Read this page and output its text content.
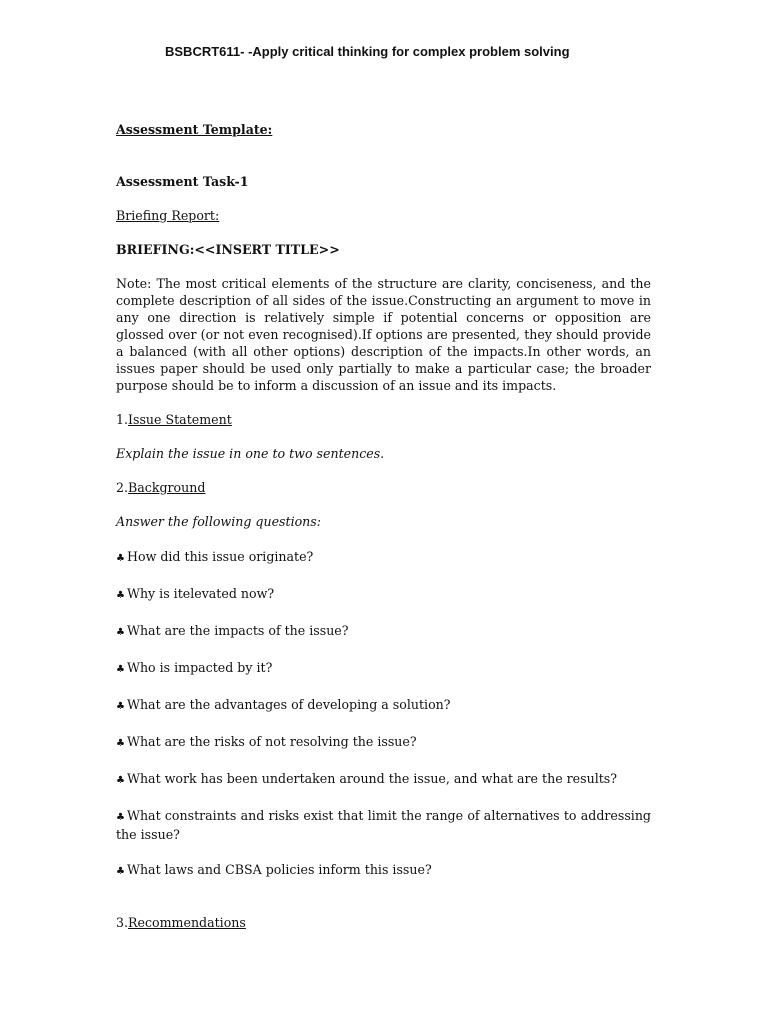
BSBCRT611- -Apply critical thinking for complex problem solving

Assessment Template:

Assessment Task-1

Briefing Report:

BRIEFING:<<INSERT TITLE>>

Note: The most critical elements of the structure are clarity, conciseness, and the complete description of all sides of the issue.Constructing an argument to move in any one direction is relatively simple if potential concerns or opposition are glossed over (or not even recognised).If options are presented, they should provide a balanced (with all other options) description of the impacts.In other words, an issues paper should be used only partially to make a particular case; the broader purpose should be to inform a discussion of an issue and its impacts.

1.Issue Statement

Explain the issue in one to two sentences.

2.Background

Answer the following questions:

♣ How did this issue originate?

♣ Why is itelevated now?

♣ What are the impacts of the issue?

♣ Who is impacted by it?

♣ What are the advantages of developing a solution?

♣ What are the risks of not resolving the issue?

♣ What work has been undertaken around the issue, and what are the results?

♣ What constraints and risks exist that limit the range of alternatives to addressing the issue?

♣ What laws and CBSA policies inform this issue?

3.Recommendations
